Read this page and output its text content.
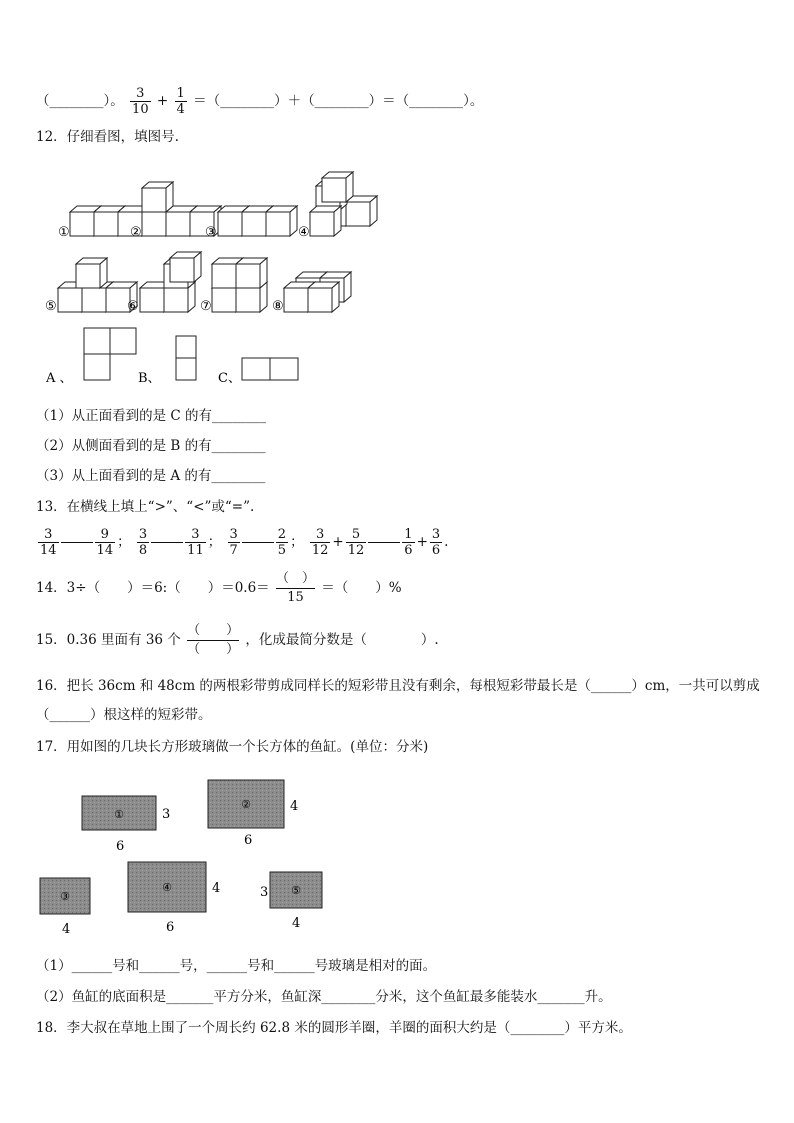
（________）。 $\frac{3}{10} + \frac{1}{4}$ ＝（________）＋（________）＝（________）。
12．仔细看图，填图号.
①	②	③	④
⑤	⑥	⑦	⑧
A 、	B、	C、
（1）从正面看到的是 C 的有________
（2）从侧面看到的是 B 的有________
（3）从上面看到的是 A 的有________
13．在横线上填上“>”、“<”或“=”.
$\frac{3}{14}$	$\frac{9}{14}$ ； $\frac{3}{8}$	$\frac{3}{11}$ ； $\frac{3}{7}$	$\frac{2}{5}$ ； $\frac{3}{12} + \frac{5}{12}$	$\frac{1}{6} + \frac{3}{6}$ .
14．3÷（　　）＝6:（　　）＝0.6＝
（　）
15
＝（　　）%
15．0.36 里面有 36 个
（　　）
（　　）
，化成最简分数是（　　　　）.
16．把长 36cm 和 48cm 的两根彩带剪成同样长的短彩带且没有剩余，每根短彩带最长是（______）cm，一共可以剪成
（______）根这样的短彩带。
17．用如图的几块长方形玻璃做一个长方体的鱼缸。(单位：分米)
①	3
6
②	4
6
③
4
④	4
6
⑤
3
4
（1）______号和______号，______号和______号玻璃是相对的面。
（2）鱼缸的底面积是_______平方分米，鱼缸深________分米，这个鱼缸最多能装水_______升。
18．李大叔在草地上围了一个周长约 62.8 米的圆形羊圈，羊圈的面积大约是（________）平方米。
